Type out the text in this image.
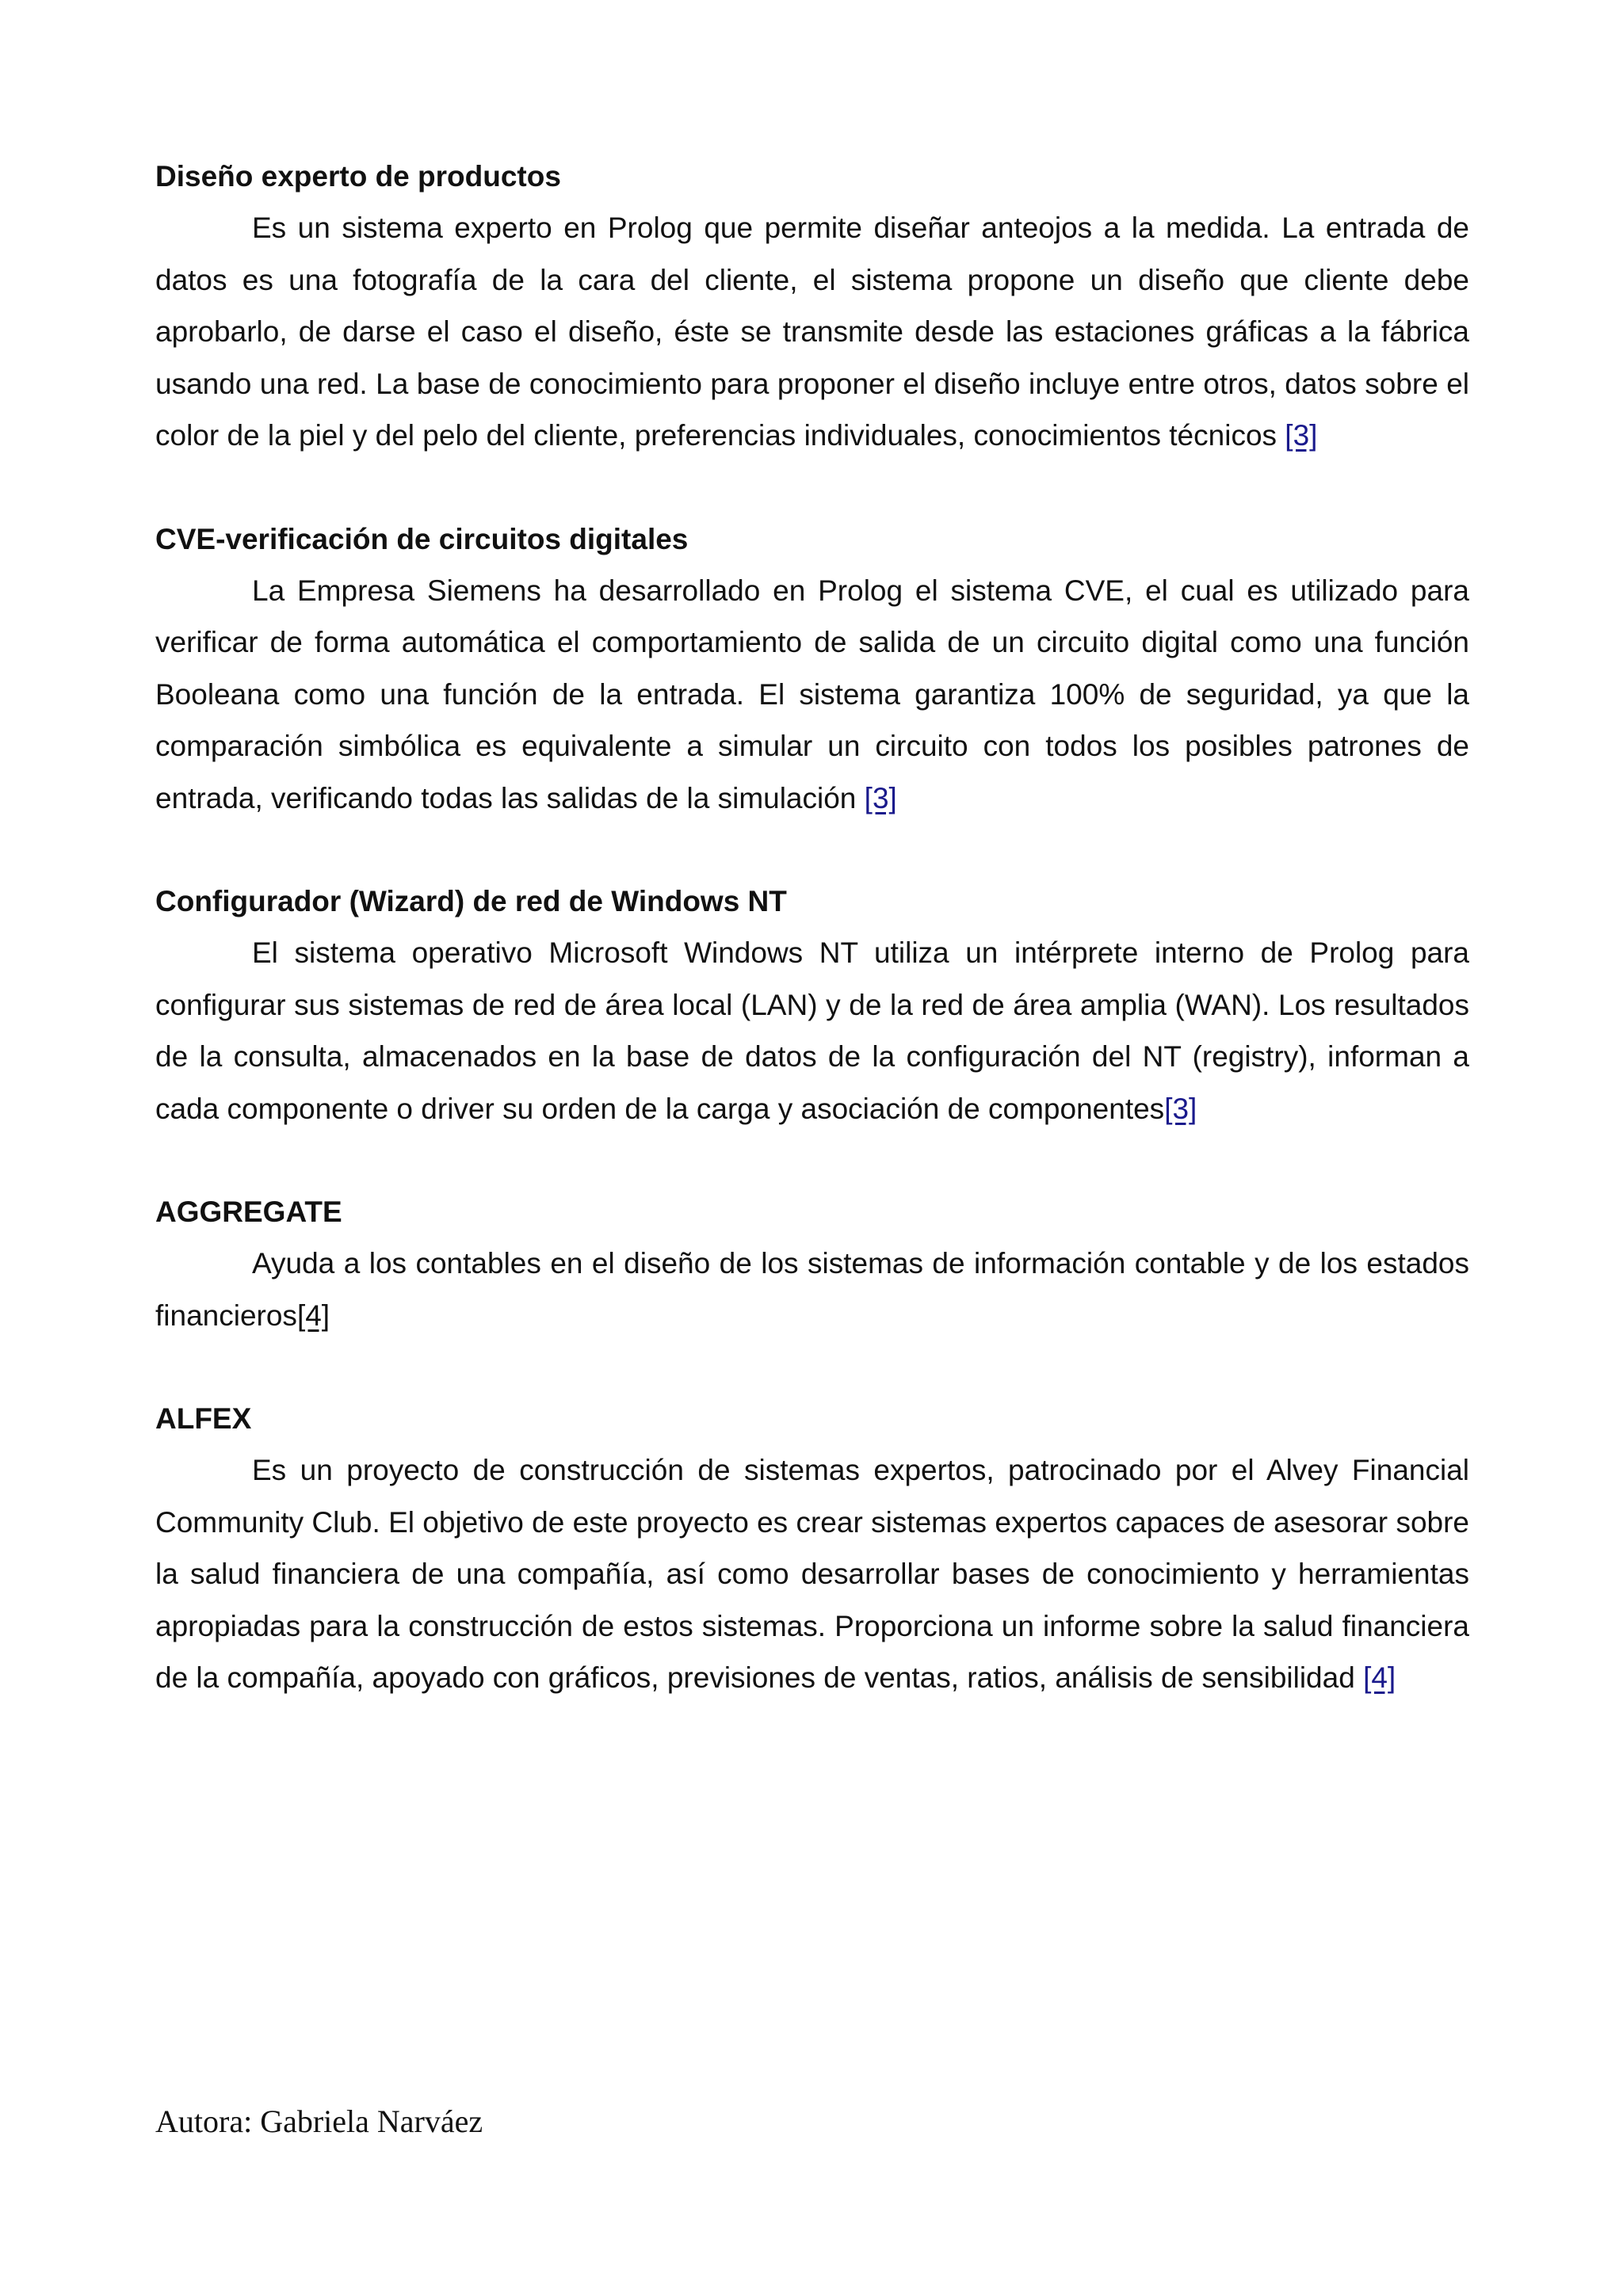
Diseño experto de productos

Es un sistema experto en Prolog que permite diseñar anteojos a la medida. La entrada de datos es una fotografía de la cara del cliente, el sistema propone un diseño que cliente debe aprobarlo, de darse el caso el diseño, éste se transmite desde las estaciones gráficas a la fábrica usando una red. La base de conocimiento para proponer el diseño incluye entre otros, datos sobre el color de la piel y del pelo del cliente, preferencias individuales, conocimientos técnicos [3]

CVE-verificación de circuitos digitales

La Empresa Siemens ha desarrollado en Prolog el sistema CVE, el cual es utilizado para verificar de forma automática el comportamiento de salida de un circuito digital como una función Booleana como una función de la entrada. El sistema garantiza 100% de seguridad, ya que la comparación simbólica es equivalente a simular un circuito con todos los posibles patrones de entrada, verificando todas las salidas de la simulación [3]

Configurador (Wizard) de red de Windows NT

El sistema operativo Microsoft Windows NT utiliza un intérprete interno de Prolog para configurar sus sistemas de red de área local (LAN) y de la red de área amplia (WAN). Los resultados de la consulta, almacenados en la base de datos de la configuración del NT (registry), informan a cada componente o driver su orden de la carga y asociación de componentes[3]

AGGREGATE

Ayuda a los contables en el diseño de los sistemas de información contable y de los estados financieros[4]

ALFEX

Es un proyecto de construcción de sistemas expertos, patrocinado por el Alvey Financial Community Club. El objetivo de este proyecto es crear sistemas expertos capaces de asesorar sobre la salud financiera de una compañía, así como desarrollar bases de conocimiento y herramientas apropiadas para la construcción de estos sistemas. Proporciona un informe sobre la salud financiera de la compañía, apoyado con gráficos, previsiones de ventas, ratios, análisis de sensibilidad [4]

Autora: Gabriela Narváez
